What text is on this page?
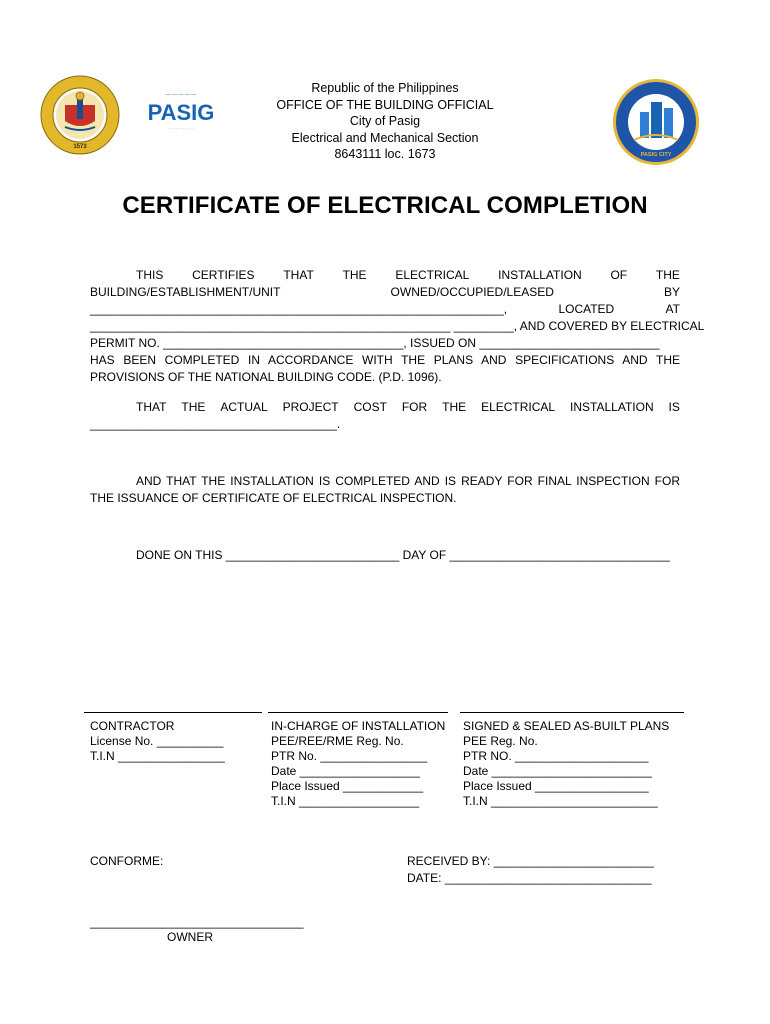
1573
— — — — —
PASIG
· · · · · · · · · · ·
PASIG CITY
Republic of the Philippines
OFFICE OF THE BUILDING OFFICIAL
City of Pasig
Electrical and Mechanical Section
8643111 loc. 1673
CERTIFICATE OF ELECTRICAL COMPLETION
THIS CERTIFIES THAT THE ELECTRICAL INSTALLATION OF THE
BUILDING/ESTABLISHMENT/UNIT	OWNED/OCCUPIED/LEASED	BY
______________________________________________________________,	LOCATED	AT
______________________________________________________ _________, AND COVERED BY ELECTRICAL
PERMIT NO. ____________________________________, ISSUED ON ___________________________
HAS BEEN COMPLETED IN ACCORDANCE WITH THE PLANS AND SPECIFICATIONS AND THE PROVISIONS OF THE NATIONAL BUILDING CODE. (P.D. 1096).
THAT THE ACTUAL PROJECT COST FOR THE ELECTRICAL INSTALLATION IS
_____________________________________.
AND THAT THE INSTALLATION IS COMPLETED AND IS READY FOR FINAL INSPECTION FOR THE ISSUANCE OF CERTIFICATE OF ELECTRICAL INSPECTION.
DONE ON THIS __________________________ DAY OF _________________________________
CONTRACTOR
License No. __________
T.I.N ________________
IN-CHARGE OF INSTALLATION
PEE/REE/RME Reg. No.
PTR No. ________________
Date __________________
Place Issued ____________
T.I.N __________________
SIGNED & SEALED AS-BUILT PLANS
PEE Reg. No.
PTR NO. ____________________
Date ________________________
Place Issued _________________
T.I.N _________________________
CONFORME:	RECEIVED BY: ________________________
DATE: _______________________________
________________________________
OWNER
